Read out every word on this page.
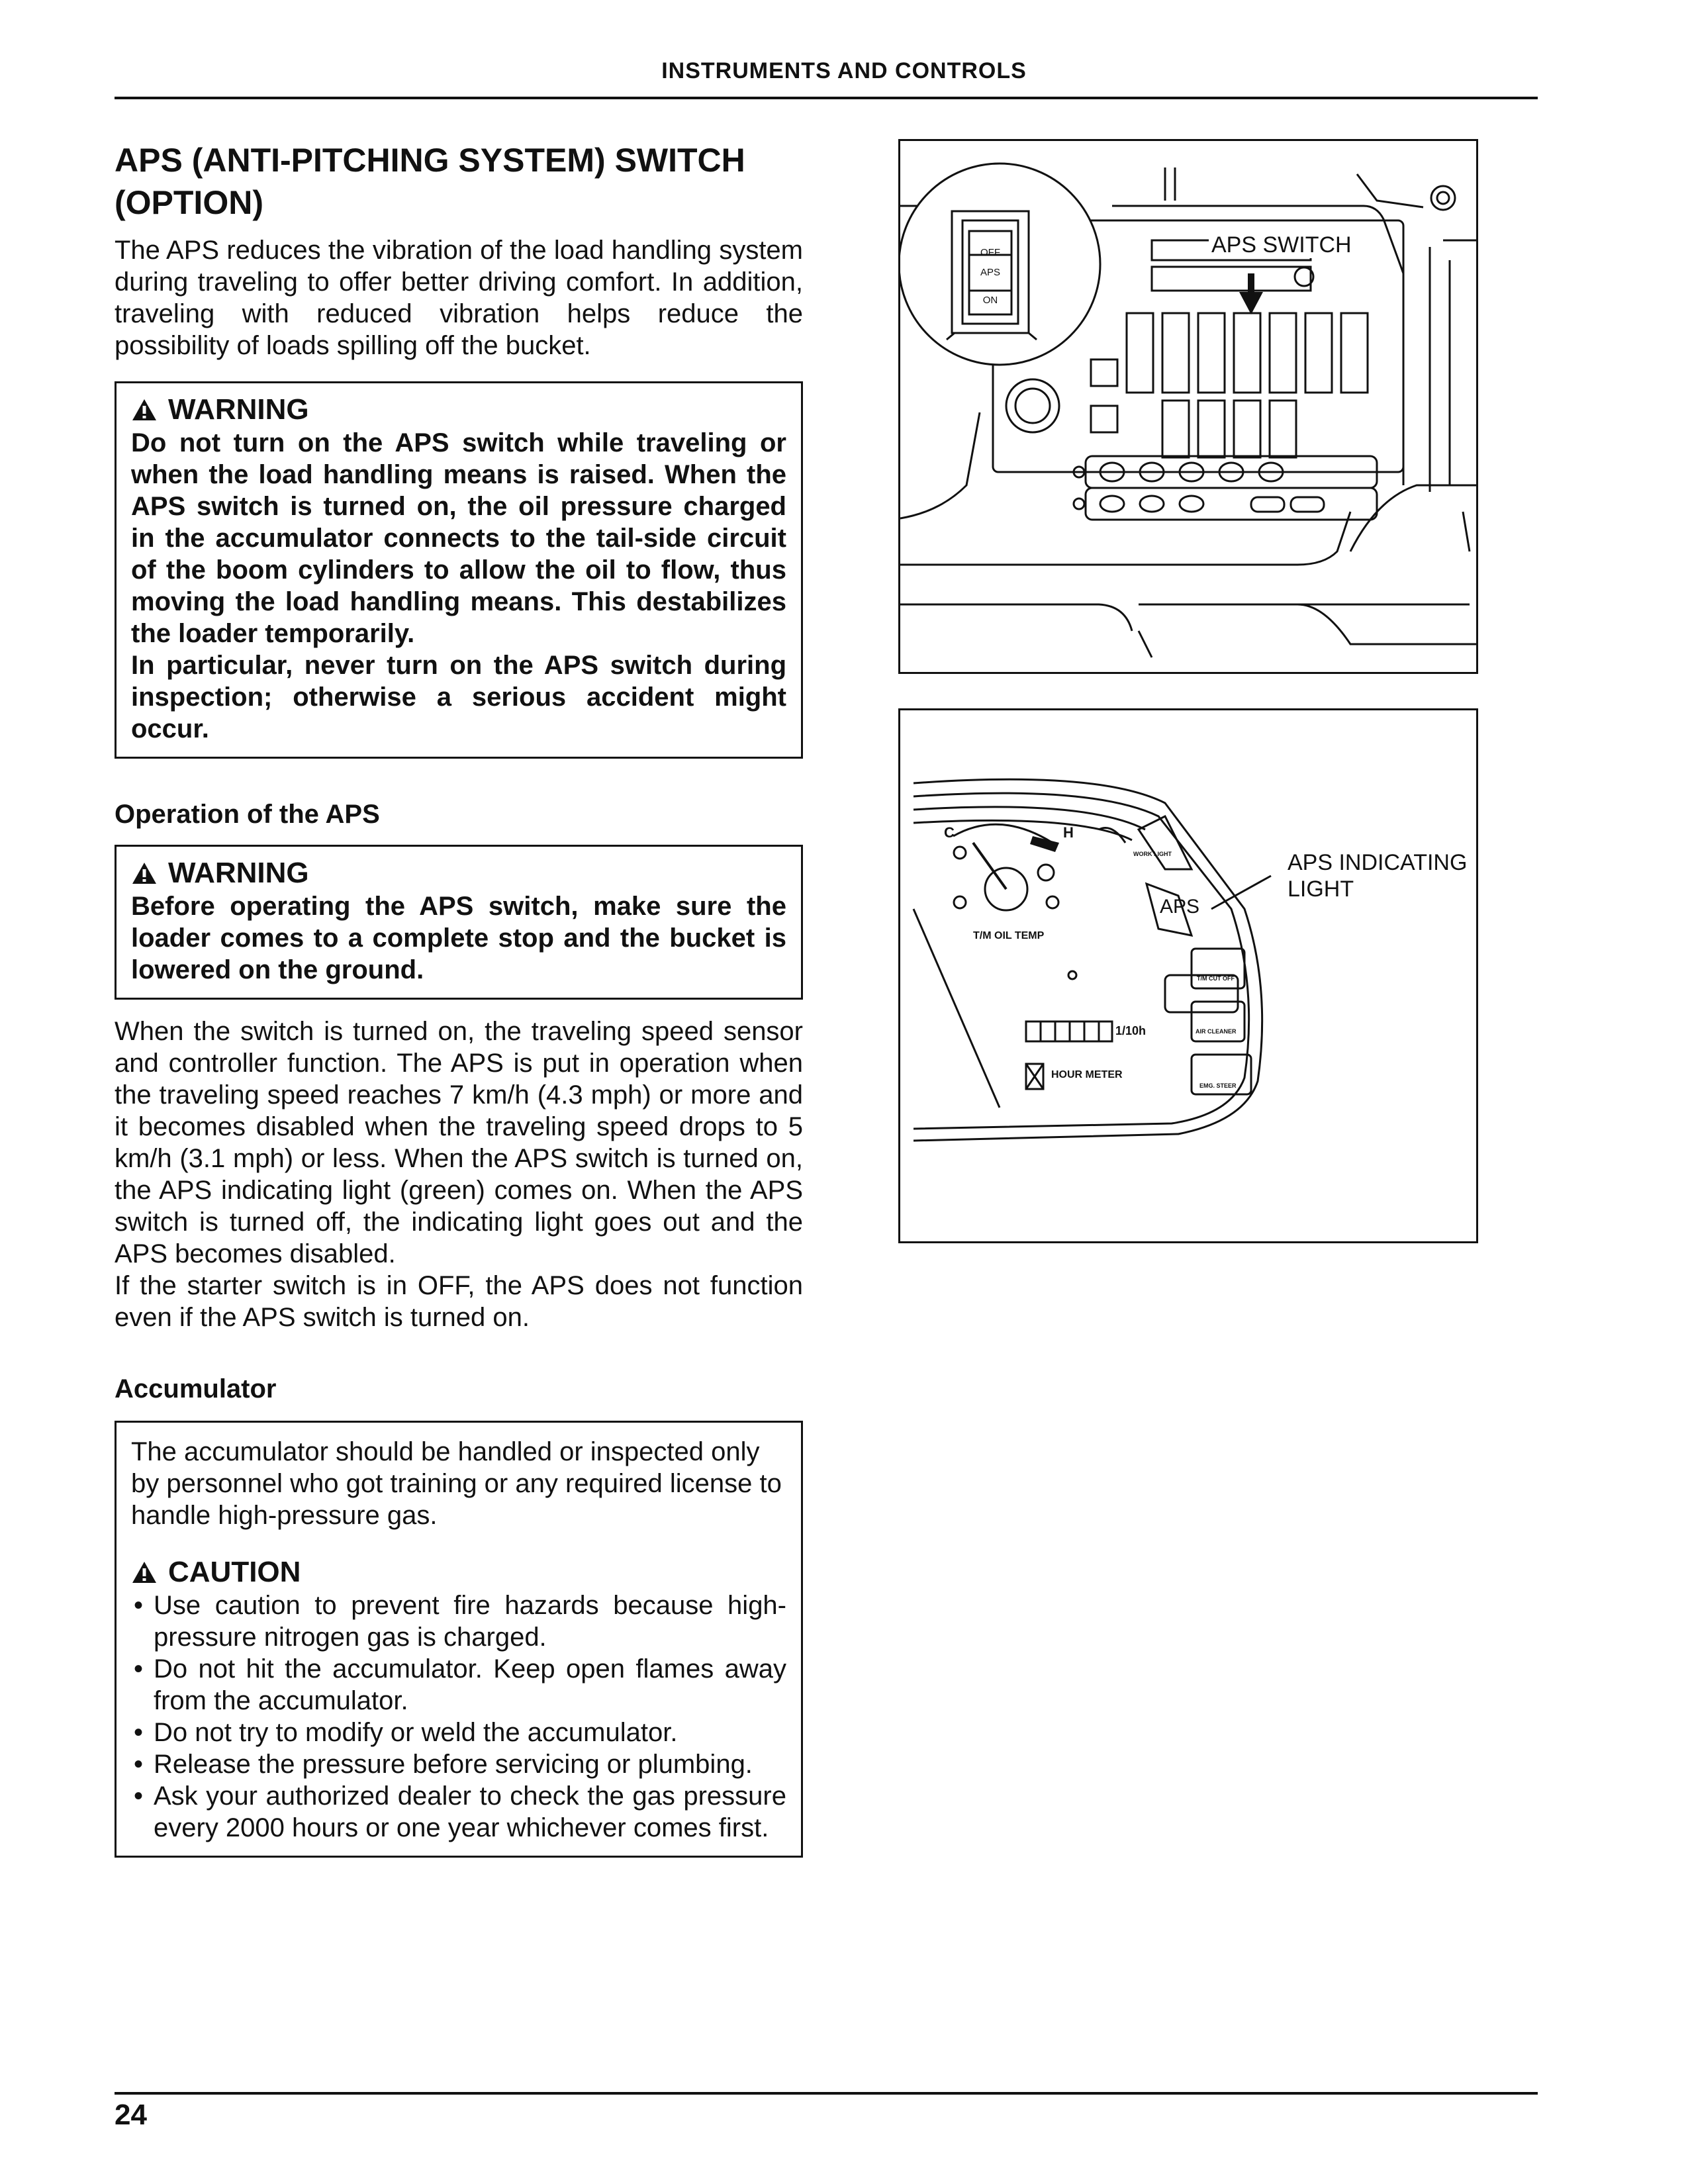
INSTRUMENTS AND CONTROLS
APS (ANTI-PITCHING SYSTEM) SWITCH (OPTION)

The APS reduces the vibration of the load handling system during traveling to offer better driving comfort. In addition, traveling with reduced vibration helps reduce the possibility of loads spilling off the bucket.

WARNING

Do not turn on the APS switch while traveling or when the load handling means is raised. When the APS switch is turned on, the oil pressure charged in the accumulator connects to the tail-side circuit of the boom cylinders to allow the oil to flow, thus moving the load handling means. This destabilizes the loader temporarily.

In particular, never turn on the APS switch during inspection; otherwise a serious accident might occur.

Operation of the APS

WARNING

Before operating the APS switch, make sure the loader comes to a complete stop and the bucket is lowered on the ground.

When the switch is turned on, the traveling speed sensor and controller function. The APS is put in operation when the traveling speed reaches 7 km/h (4.3 mph) or more and it becomes disabled when the traveling speed drops to 5 km/h (3.1 mph) or less. When the APS switch is turned on, the APS indicating light (green) comes on. When the APS switch is turned off, the indicating light goes out and the APS becomes disabled.

If the starter switch is in OFF, the APS does not function even if the APS switch is turned on.

Accumulator

The accumulator should be handled or inspected only by personnel who got training or any required license to handle high-pressure gas.

CAUTION
• Use caution to prevent fire hazards because high-pressure nitrogen gas is charged.
• Do not hit the accumulator. Keep open flames away from the accumulator.
• Do not try to modify or weld the accumulator.
• Release the pressure before servicing or plumbing.
• Ask your authorized dealer to check the gas pressure every 2000 hours or one year whichever comes first.
APS SWITCH
OFF
APS
ON
APS INDICATING
LIGHT
APS
C	H
T/M OIL TEMP
1/10h
HOUR METER
WORK LIGHT
T/M CUT OFF
AIR CLEANER
EMG. STEER
24
